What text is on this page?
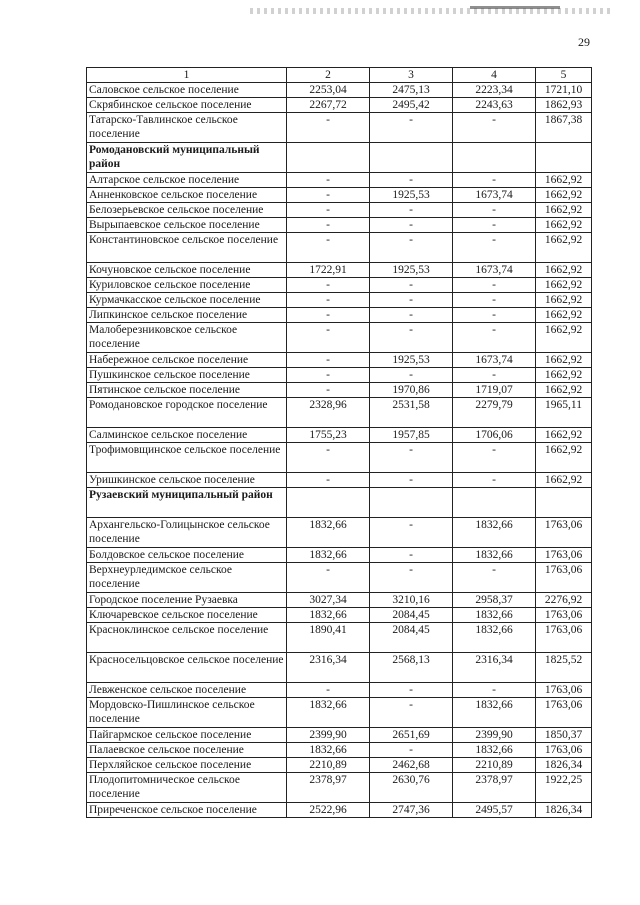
29
1	2	3	4	5
Саловское сельское поселение	2253,04	2475,13	2223,34	1721,10
Скрябинское сельское поселение	2267,72	2495,42	2243,63	1862,93
Татарско-Тавлинское сельское поселение	-	-	-	1867,38
Ромодановский муниципальный район				
Алтарское сельское поселение	-	-	-	1662,92
Анненковское сельское поселение	-	1925,53	1673,74	1662,92
Белозерьевское сельское поселение	-	-	-	1662,92
Вырыпаевское сельское поселение	-	-	-	1662,92
Константиновское сельское поселение	-	-	-	1662,92
Кочуновское сельское поселение	1722,91	1925,53	1673,74	1662,92
Куриловское сельское поселение	-	-	-	1662,92
Курмачкасское сельское поселение	-	-	-	1662,92
Липкинское сельское поселение	-	-	-	1662,92
Малоберезниковское сельское поселение	-	-	-	1662,92
Набережное сельское поселение	-	1925,53	1673,74	1662,92
Пушкинское сельское поселение	-	-	-	1662,92
Пятинское сельское поселение	-	1970,86	1719,07	1662,92
Ромодановское городское поселение	2328,96	2531,58	2279,79	1965,11
Салминское сельское поселение	1755,23	1957,85	1706,06	1662,92
Трофимовщинское сельское поселение	-	-	-	1662,92
Уришкинское сельское поселение	-	-	-	1662,92
Рузаевский муниципальный район				
Архангельско-Голицынское сельское поселение	1832,66	-	1832,66	1763,06
Болдовское сельское поселение	1832,66	-	1832,66	1763,06
Верхнеурледимское сельское поселение	-	-	-	1763,06
Городское поселение Рузаевка	3027,34	3210,16	2958,37	2276,92
Ключаревское сельское поселение	1832,66	2084,45	1832,66	1763,06
Красноклинское сельское поселение	1890,41	2084,45	1832,66	1763,06
Красносельцовское сельское поселение	2316,34	2568,13	2316,34	1825,52
Левженское сельское поселение	-	-	-	1763,06
Мордовско-Пишлинское сельское поселение	1832,66	-	1832,66	1763,06
Пайгармское сельское поселение	2399,90	2651,69	2399,90	1850,37
Палаевское сельское поселение	1832,66	-	1832,66	1763,06
Перхляйское сельское поселение	2210,89	2462,68	2210,89	1826,34
Плодопитомническое сельское поселение	2378,97	2630,76	2378,97	1922,25
Приреченское сельское поселение	2522,96	2747,36	2495,57	1826,34
